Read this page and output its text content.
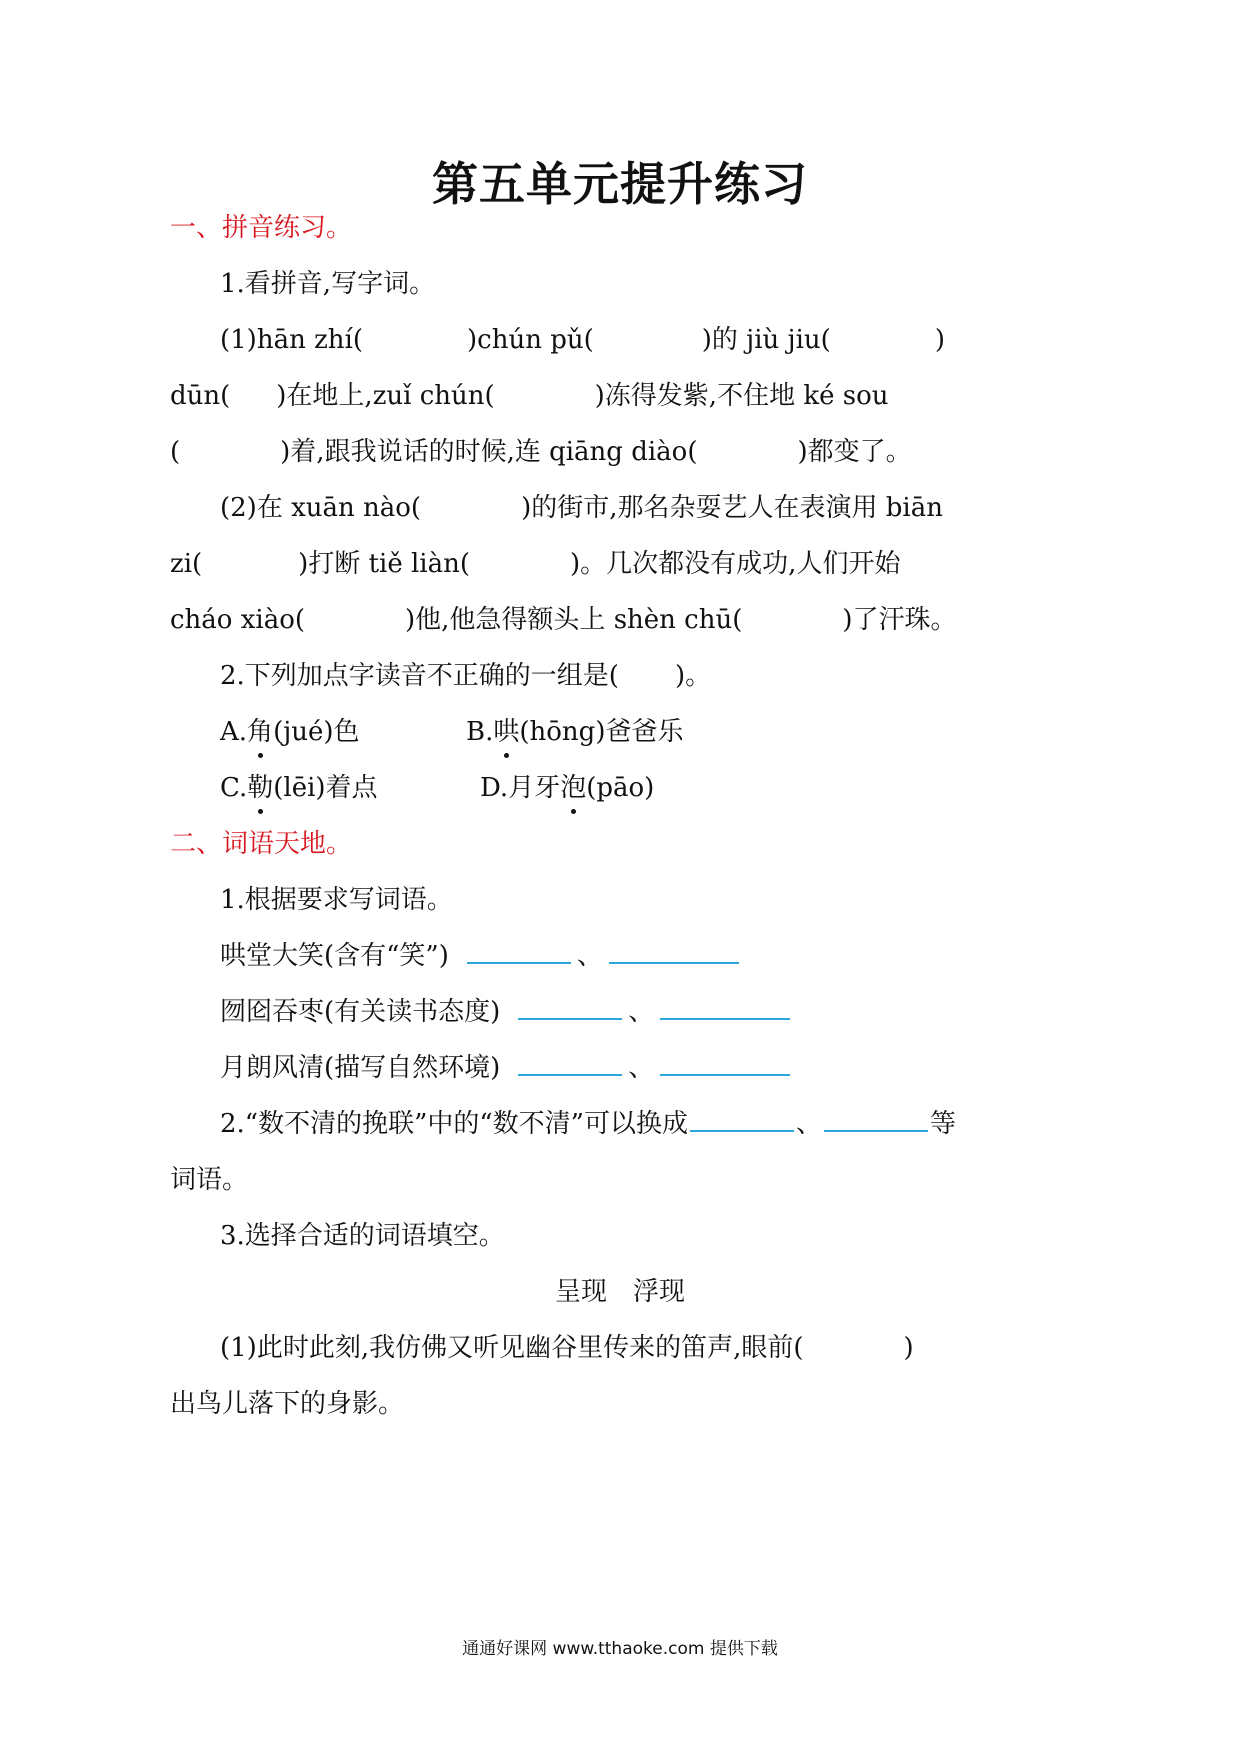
第五单元提升练习
一、拼音练习。
1.看拼音,写字词。
(1)hān zhí(	)chún pǔ(	)的 jiù jiu(	)
dūn( )在地上,zuǐ chún(	)冻得发紫,不住地 ké sou
(	)着,跟我说话的时候,连 qiāng diào(	)都变了。
(2)在 xuān nào(	)的街市,那名杂耍艺人在表演用 biān
zi(	)打断 tiě liàn(	)。几次都没有成功,人们开始
cháo xiào(	)他,他急得额头上 shèn chū(	)了汗珠。
2.下列加点字读音不正确的一组是( )。
A.角(jué)色	B.哄(hōng)爸爸乐
C.勒(lēi)着点	D.月牙泡(pāo)
二、词语天地。
1.根据要求写词语。
哄堂大笑(含有“笑”)	、
囫囵吞枣(有关读书态度)	、
月朗风清(描写自然环境)	、
2.“数不清的挽联”中的“数不清”可以换成	、	等
词语。
3.选择合适的词语填空。
呈现　浮现
(1)此时此刻,我仿佛又听见幽谷里传来的笛声,眼前(	)
出鸟儿落下的身影。
通通好课网 www.tthaoke.com 提供下载
